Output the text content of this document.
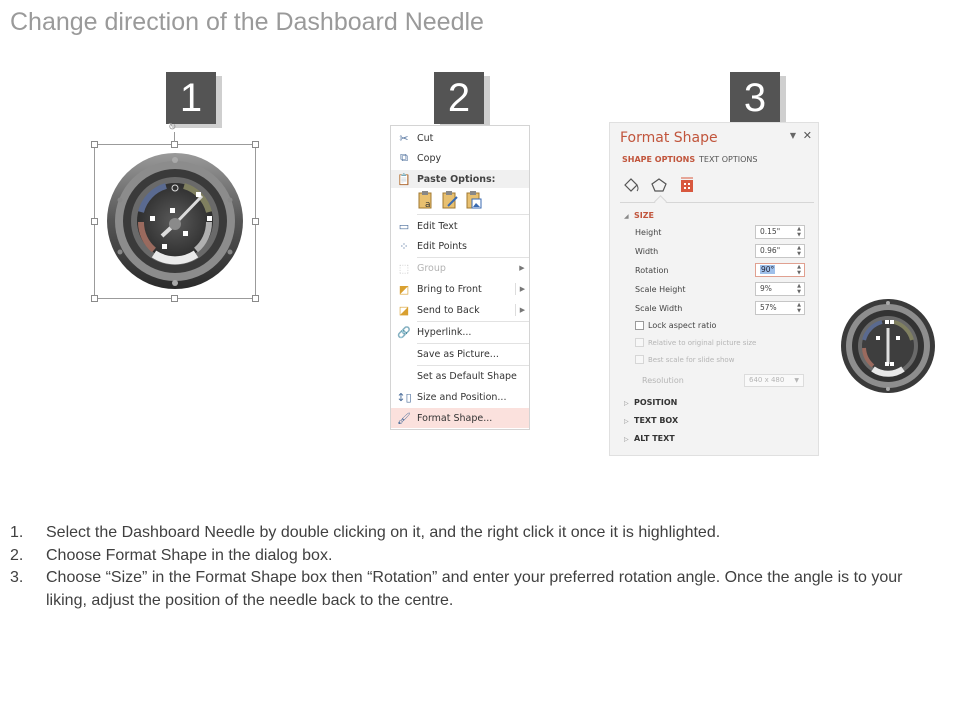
Change direction of the Dashboard Needle
1	2	3
↻
✂ Cut
⧉ Copy
📋 Paste Options:
a
▭ Edit Text
⁘ Edit Points
⬚ Group	▶
◩ Bring to Front	▶
◪ Send to Back	▶
🔗 Hyperlink...
Save as Picture...
Set as Default Shape
↕▯ Size and Position...
🖌 Format Shape...
Format Shape	▼ ✕
SHAPE OPTIONS TEXT OPTIONS
◢ SIZE
Height	0.15"	▲
▼
Width	0.96"	▲
▼
Rotation	90°	▲
▼
Scale Height	9%	▲
▼
Scale Width	57%	▲
▼
Lock aspect ratio
Relative to original picture size
Best scale for slide show
Resolution	640 x 480 ▼
▷ POSITION
▷ TEXT BOX
▷ ALT TEXT
1.	Select the Dashboard Needle by double clicking on it, and the right click it once it is highlighted.
2.	Choose Format Shape in the dialog box.
3.	Choose “Size” in the Format Shape box then “Rotation” and enter your preferred rotation angle. Once the angle is to your liking, adjust the position of the needle back to the centre.
